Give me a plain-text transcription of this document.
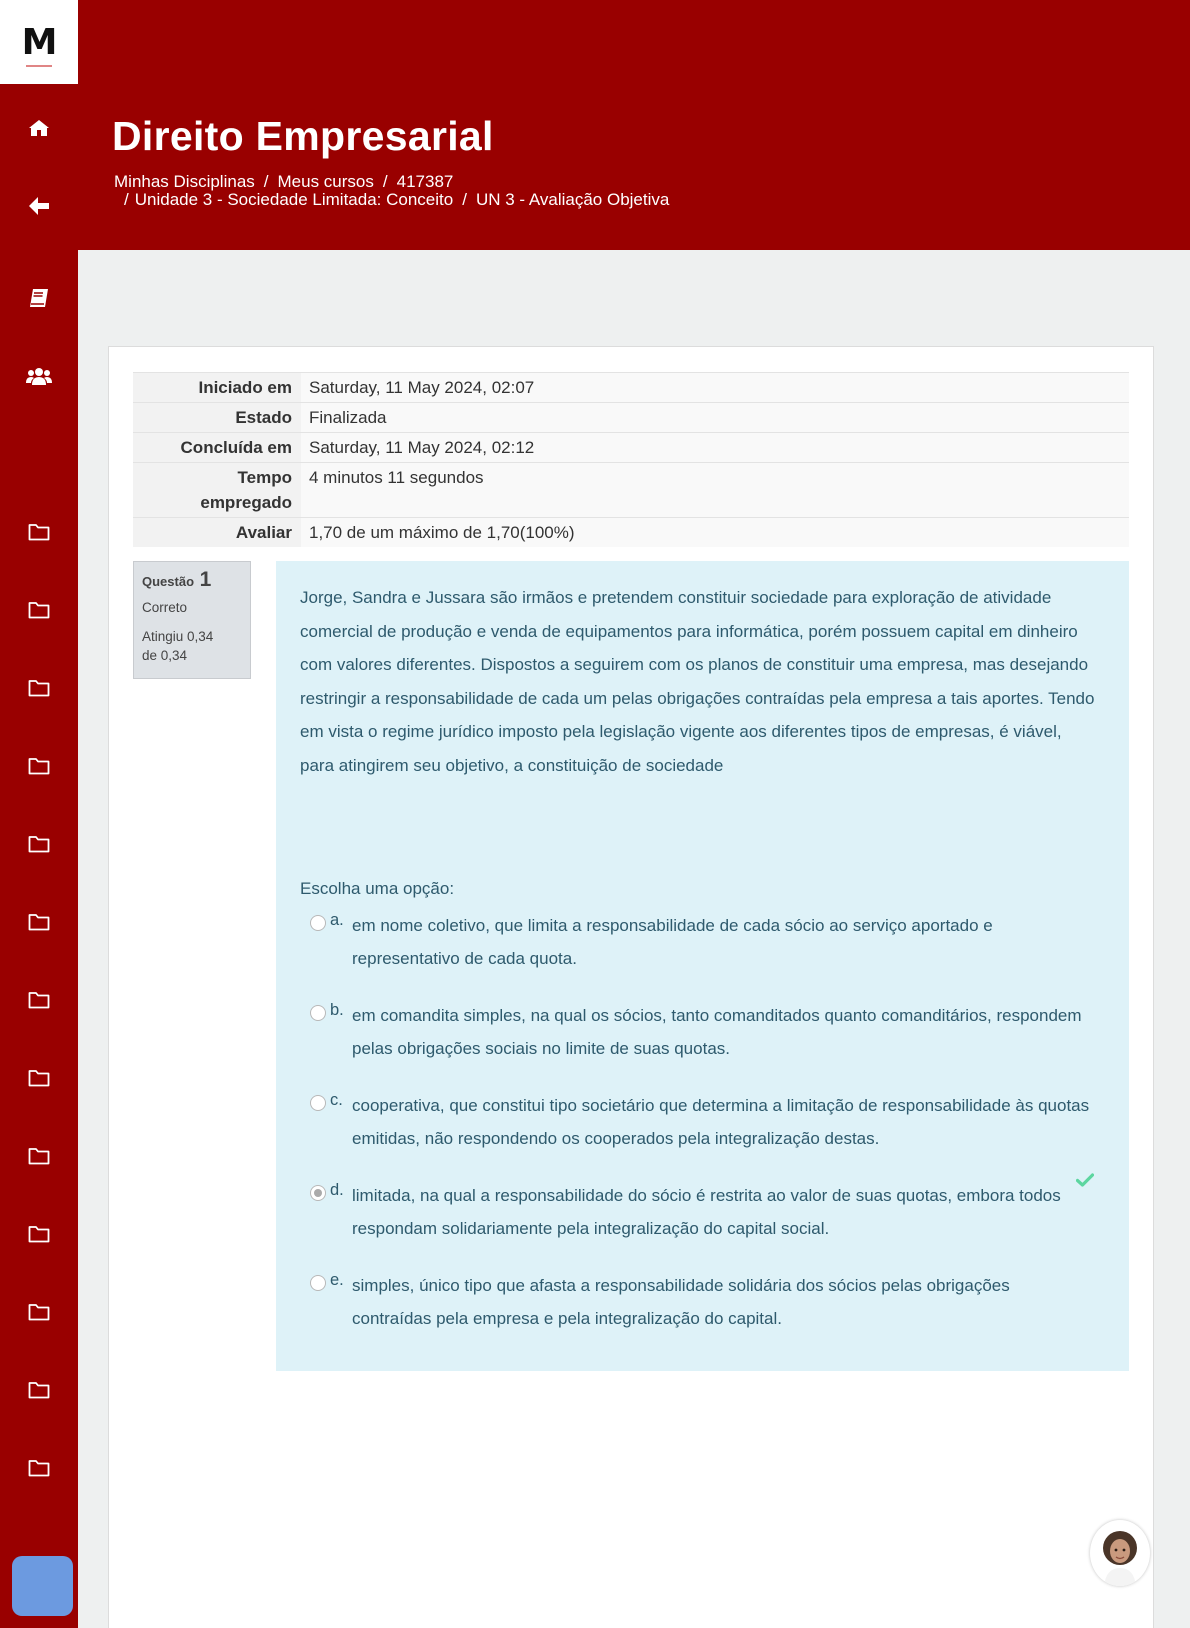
M
Direito Empresarial
Minhas Disciplinas / Meus cursos / 417387
/ Unidade 3 - Sociedade Limitada: Conceito / UN 3 - Avaliação Objetiva
Iniciado em	Saturday, 11 May 2024, 02:07
Estado	Finalizada
Concluída em	Saturday, 11 May 2024, 02:12
Tempo
empregado	4 minutos 11 segundos
Avaliar	1,70 de um máximo de 1,70(100%)
Questão 1
Correto
Atingiu 0,34
de 0,34
Jorge, Sandra e Jussara são irmãos e pretendem constituir sociedade para exploração de atividade comercial de produção e venda de equipamentos para informática, porém possuem capital em dinheiro com valores diferentes. Dispostos a seguirem com os planos de constituir uma empresa, mas desejando restringir a responsabilidade de cada um pelas obrigações contraídas pela empresa a tais aportes. Tendo em vista o regime jurídico imposto pela legislação vigente aos diferentes tipos de empresas, é viável, para atingirem seu objetivo, a constituição de sociedade
Escolha uma opção:
a. em nome coletivo, que limita a responsabilidade de cada sócio ao serviço aportado e representativo de cada quota.
b. em comandita simples, na qual os sócios, tanto comanditados quanto comanditários, respondem pelas obrigações sociais no limite de suas quotas.
c. cooperativa, que constitui tipo societário que determina a limitação de responsabilidade às quotas emitidas, não respondendo os cooperados pela integralização destas.
d. limitada, na qual a responsabilidade do sócio é restrita ao valor de suas quotas, embora todos respondam solidariamente pela integralização do capital social.
e. simples, único tipo que afasta a responsabilidade solidária dos sócios pelas obrigações contraídas pela empresa e pela integralização do capital.
